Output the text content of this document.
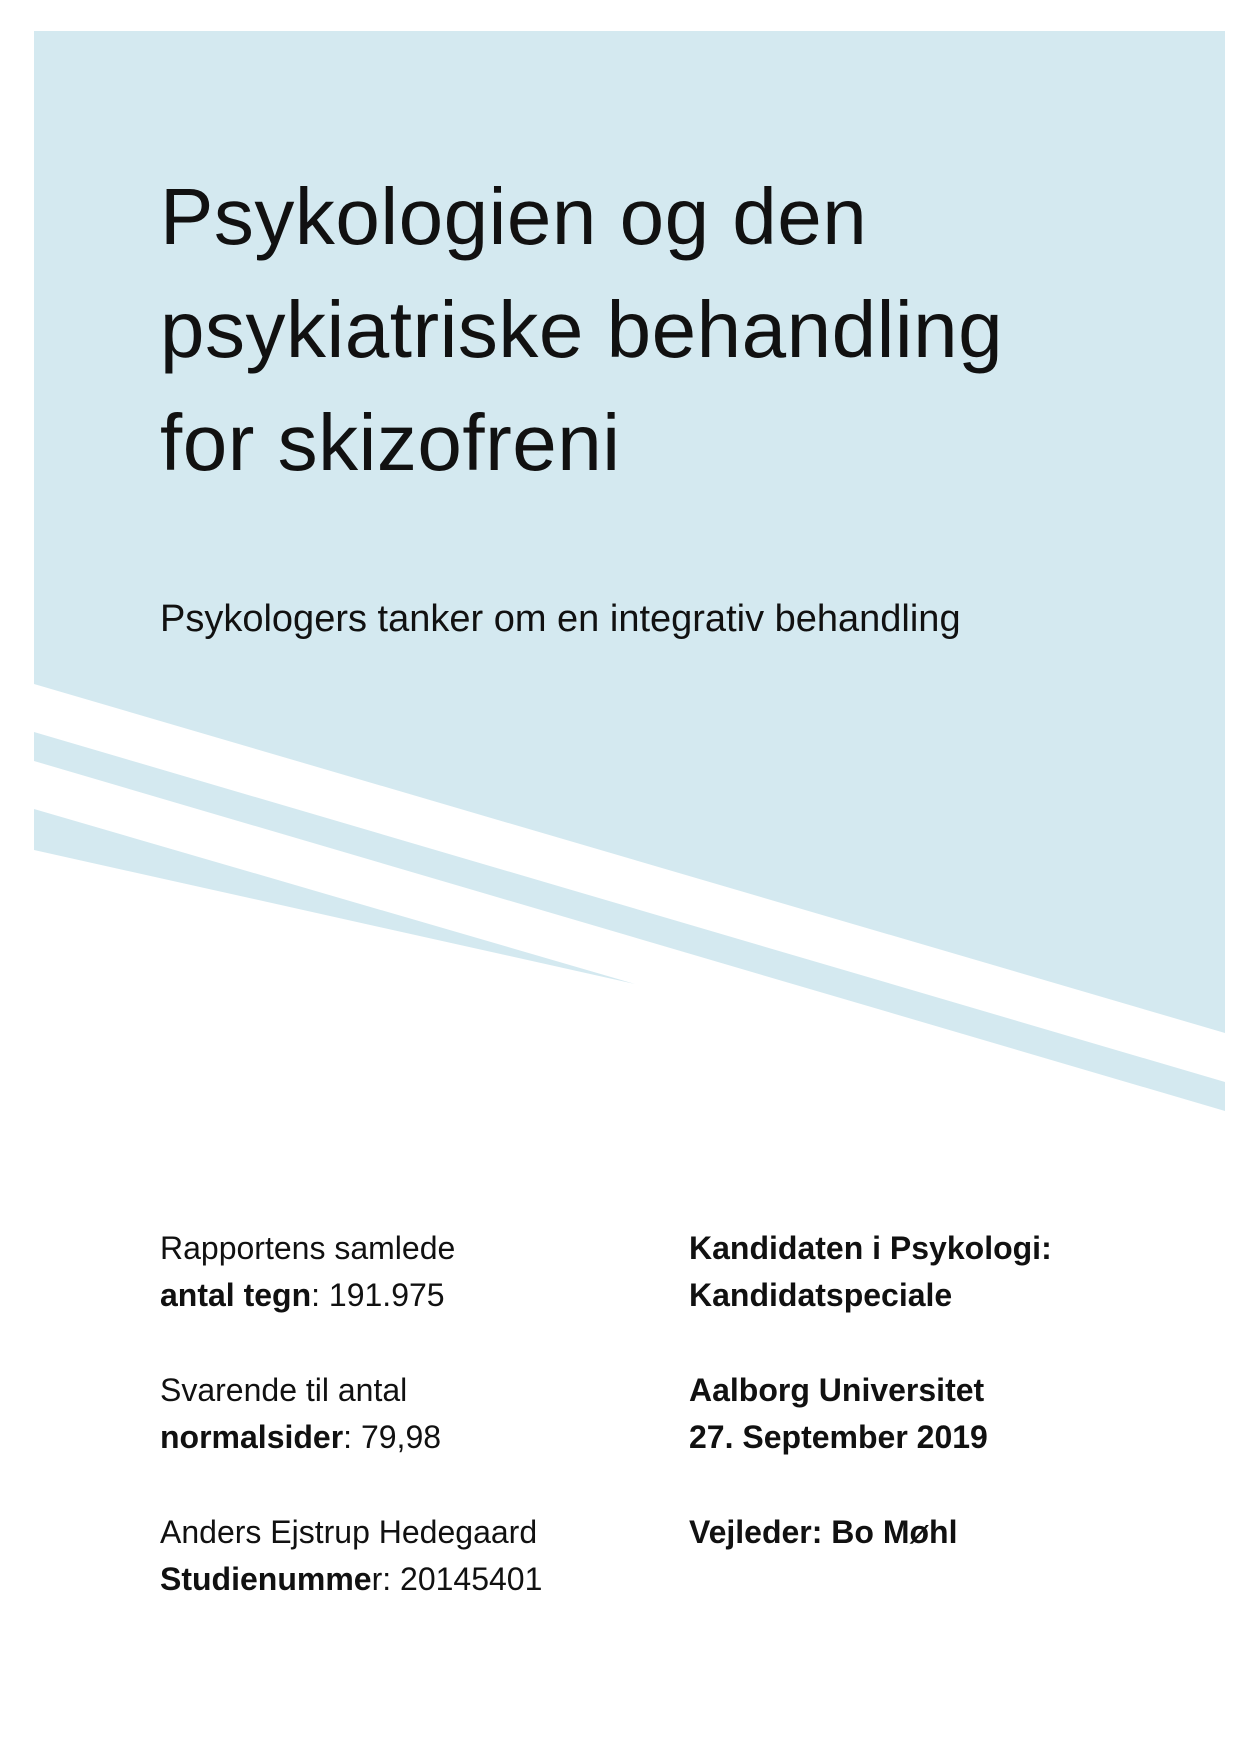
Psykologien og den
psykiatriske behandling
for skizofreni
Psykologers tanker om en integrativ behandling
Rapportens samlede
antal tegn: 191.975
Svarende til antal
normalsider: 79,98
Anders Ejstrup Hedegaard
Studienummer: 20145401
Kandidaten i Psykologi:
Kandidatspeciale
Aalborg Universitet
27. September 2019
Vejleder: Bo Møhl
